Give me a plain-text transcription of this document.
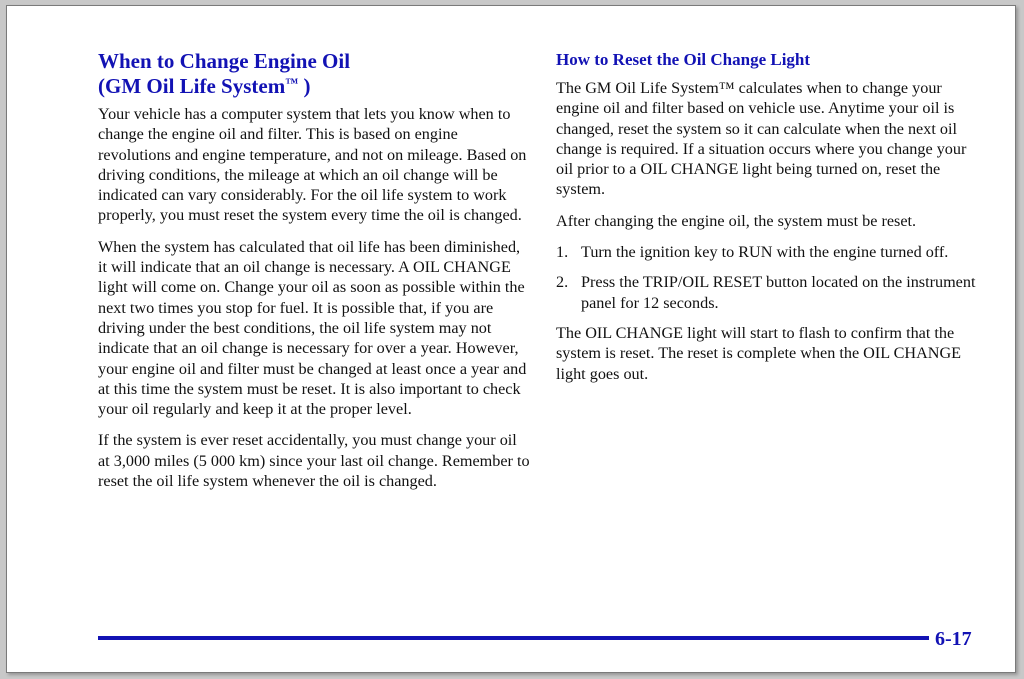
When to Change Engine Oil
(GM Oil Life System™ )

Your vehicle has a computer system that lets you know when to change the engine oil and filter. This is based on engine revolutions and engine temperature, and not on mileage. Based on driving conditions, the mileage at which an oil change will be indicated can vary considerably. For the oil life system to work properly, you must reset the system every time the oil is changed.

When the system has calculated that oil life has been diminished, it will indicate that an oil change is necessary. A OIL CHANGE light will come on. Change your oil as soon as possible within the next two times you stop for fuel. It is possible that, if you are driving under the best conditions, the oil life system may not indicate that an oil change is necessary for over a year. However, your engine oil and filter must be changed at least once a year and at this time the system must be reset. It is also important to check your oil regularly and keep it at the proper level.

If the system is ever reset accidentally, you must change your oil at 3,000 miles (5 000 km) since your last oil change. Remember to reset the oil life system whenever the oil is changed.

How to Reset the Oil Change Light

The GM Oil Life System™ calculates when to change your engine oil and filter based on vehicle use. Anytime your oil is changed, reset the system so it can calculate when the next oil change is required. If a situation occurs where you change your oil prior to a OIL CHANGE light being turned on, reset the system.

After changing the engine oil, the system must be reset.

1. Turn the ignition key to RUN with the engine turned off.
2. Press the TRIP/OIL RESET button located on the instrument panel for 12 seconds.

The OIL CHANGE light will start to flash to confirm that the system is reset. The reset is complete when the OIL CHANGE light goes out.

6-17
